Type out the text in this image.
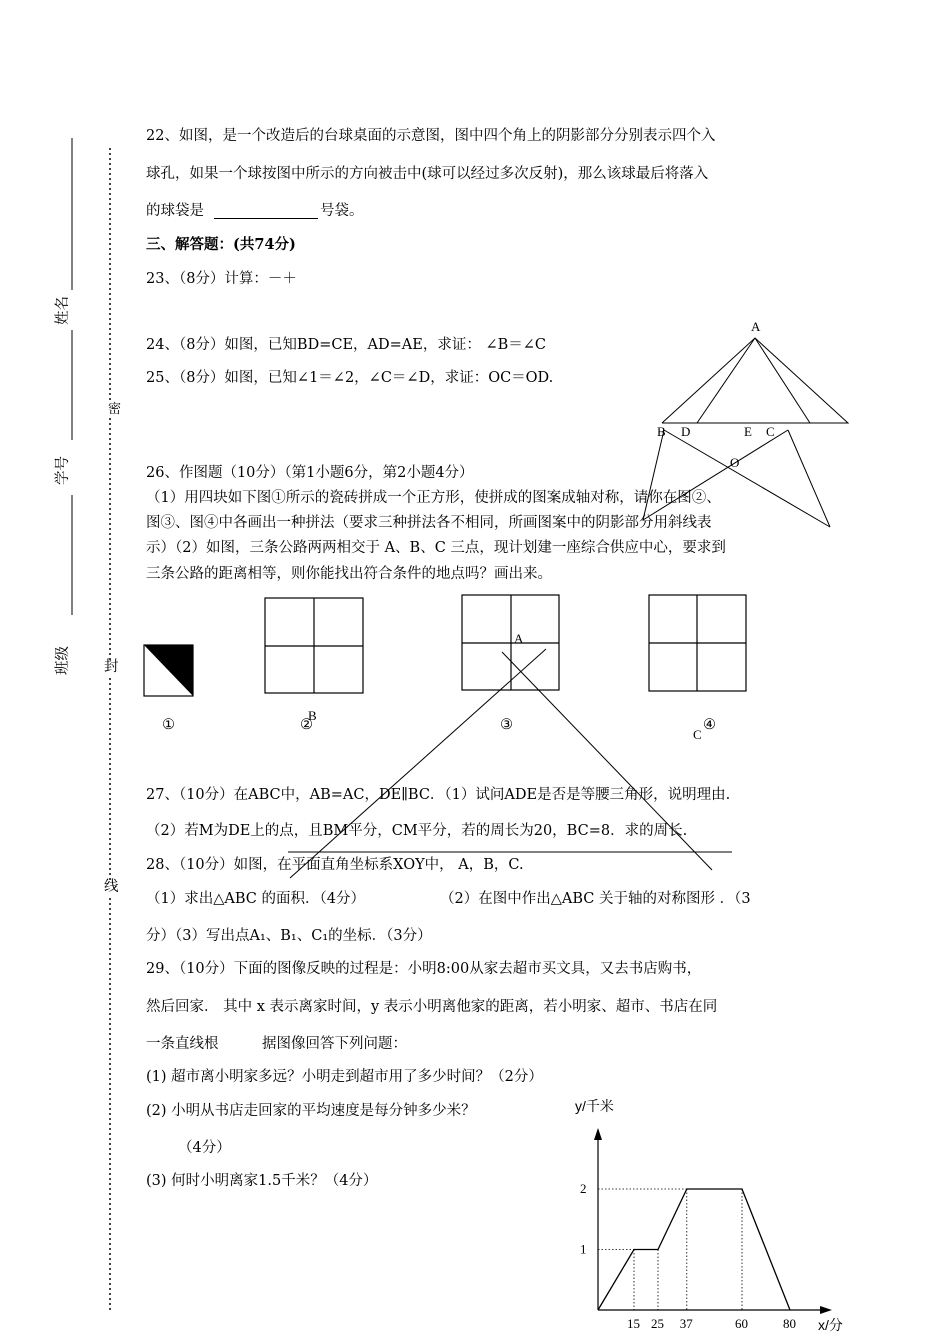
姓名
学号
班级
密
封
线
22、如图，是一个改造后的台球桌面的示意图，图中四个角上的阴影部分分别表示四个入
球孔，如果一个球按图中所示的方向被击中(球可以经过多次反射)，那么该球最后将落入
的球袋是	号袋。
三、解答题：(共74分)
23、（8分）计算：－＋
24、（8分）如图，已知BD=CE，AD=AE，求证： ∠B＝∠C
25、（8分）如图，已知∠1＝∠2，∠C＝∠D，求证：OC＝OD.
A
B D	E C
O
26、作图题（10分）（第1小题6分，第2小题4分）
（1）用四块如下图①所示的瓷砖拼成一个正方形，使拼成的图案成轴对称，请你在图②、
图③、图④中各画出一种拼法（要求三种拼法各不相同，所画图案中的阴影部分用斜线表
示）（2）如图，三条公路两两相交于 A、B、C 三点，现计划建一座综合供应中心，要求到
三条公路的距离相等，则你能找出符合条件的地点吗？画出来。
①	②	③	④
A
B
C
27、（10分）在ABC中，AB=AC，DE∥BC．（1）试问ADE是否是等腰三角形，说明理由.
（2）若M为DE上的点，且BM平分，CM平分，若的周长为20，BC=8．求的周长.
28、（10分）如图，在平面直角坐标系XOY中， A，B，C.
（1）求出△ABC 的面积．（4分）	（2）在图中作出△ABC 关于轴的对称图形 ．（3
分）（3）写出点A₁、B₁、C₁的坐标．（3分）
29、（10分）下面的图像反映的过程是：小明8:00从家去超市买文具，又去书店购书，
然后回家． 其中 x 表示离家时间，y 表示小明离他家的距离，若小明家、超市、书店在同
一条直线根	据图像回答下列问题：
(1) 超市离小明家多远？小明走到超市用了多少时间？（2分）
(2) 小明从书店走回家的平均速度是每分钟多少米？
（4分）
(3) 何时小明离家1.5千米？（4分）
1
2
15 25 37	60	80
y/千米
x/分
